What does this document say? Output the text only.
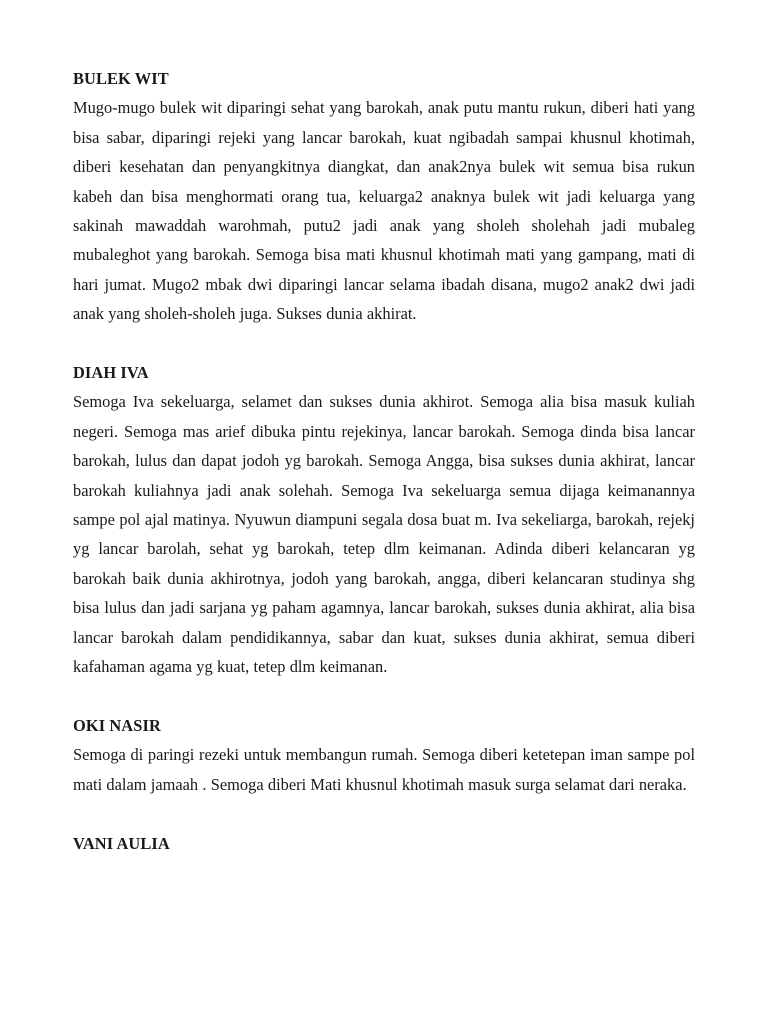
BULEK WIT

Mugo-mugo bulek wit diparingi sehat yang barokah, anak putu mantu rukun, diberi hati yang bisa sabar, diparingi rejeki yang lancar barokah, kuat ngibadah sampai khusnul khotimah, diberi kesehatan dan penyangkitnya diangkat, dan anak2nya bulek wit semua bisa rukun kabeh dan bisa menghormati orang tua, keluarga2 anaknya bulek wit jadi keluarga yang sakinah mawaddah warohmah, putu2 jadi anak yang sholeh sholehah jadi mubaleg mubaleghot yang barokah. Semoga bisa mati khusnul khotimah mati yang gampang, mati di hari jumat. Mugo2 mbak dwi diparingi lancar selama ibadah disana, mugo2 anak2 dwi jadi anak yang sholeh-sholeh juga. Sukses dunia akhirat.

DIAH IVA

Semoga Iva sekeluarga, selamet dan sukses dunia akhirot. Semoga alia bisa masuk kuliah negeri. Semoga mas arief dibuka pintu rejekinya, lancar barokah. Semoga dinda bisa lancar barokah, lulus dan dapat jodoh yg barokah. Semoga Angga, bisa sukses dunia akhirat, lancar barokah kuliahnya jadi anak solehah. Semoga Iva sekeluarga semua dijaga keimanannya sampe pol ajal matinya. Nyuwun diampuni segala dosa buat m. Iva sekeliarga, barokah, rejekj yg lancar barolah, sehat yg barokah, tetep dlm keimanan. Adinda diberi kelancaran yg barokah baik dunia akhirotnya, jodoh yang barokah, angga, diberi kelancaran studinya shg bisa lulus dan jadi sarjana yg paham agamnya, lancar barokah, sukses dunia akhirat, alia bisa lancar barokah dalam pendidikannya, sabar dan kuat, sukses dunia akhirat, semua diberi kafahaman agama yg kuat, tetep dlm keimanan.

OKI NASIR

Semoga di paringi rezeki untuk membangun rumah. Semoga diberi ketetepan iman sampe pol mati dalam jamaah . Semoga diberi Mati khusnul khotimah masuk surga selamat dari neraka.

VANI AULIA
